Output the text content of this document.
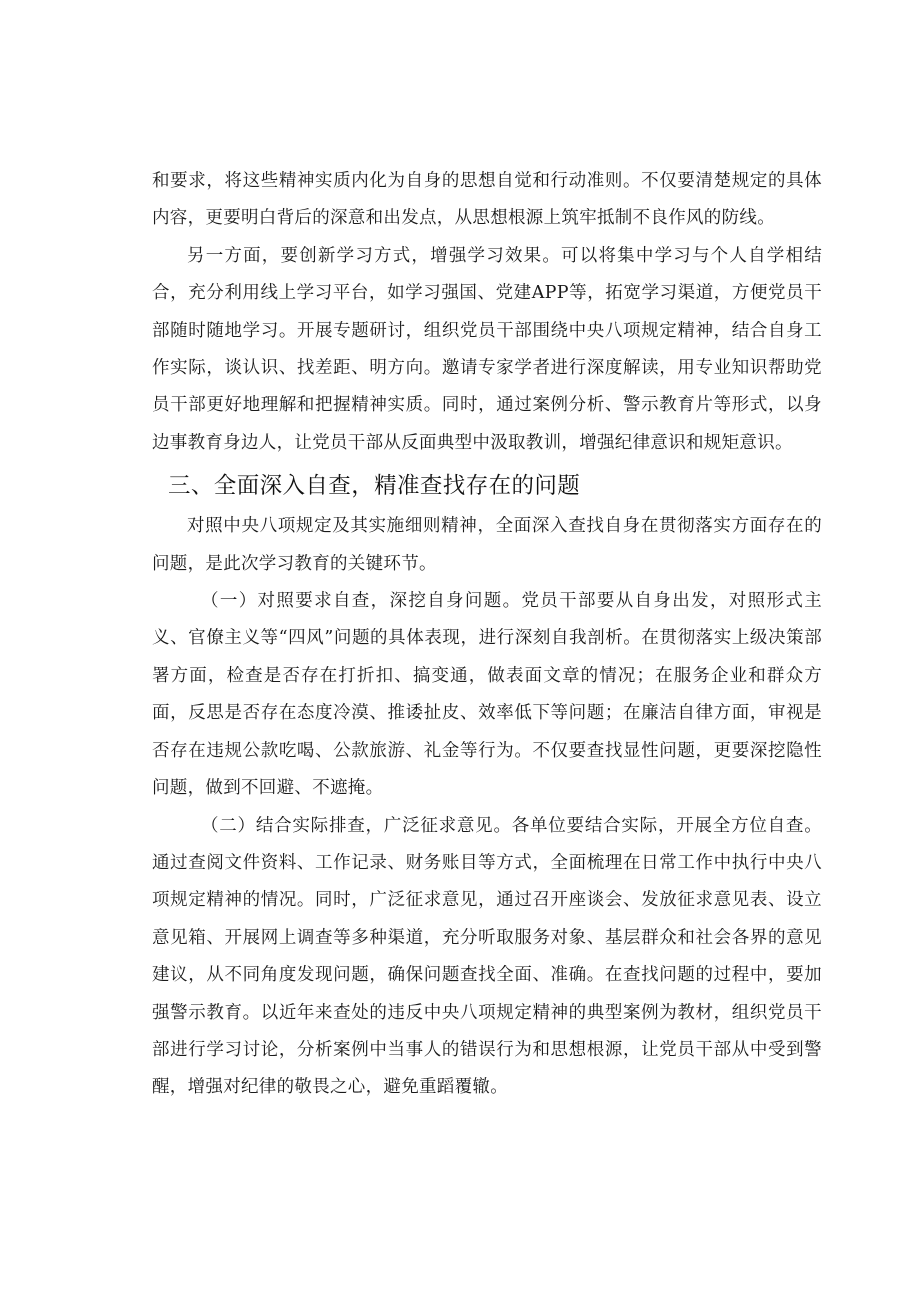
和要求，将这些精神实质内化为自身的思想自觉和行动准则。不仅要清楚规定的具体内容，更要明白背后的深意和出发点，从思想根源上筑牢抵制不良作风的防线。

另一方面，要创新学习方式，增强学习效果。可以将集中学习与个人自学相结合，充分利用线上学习平台，如学习强国、党建APP等，拓宽学习渠道，方便党员干部随时随地学习。开展专题研讨，组织党员干部围绕中央八项规定精神，结合自身工作实际，谈认识、找差距、明方向。邀请专家学者进行深度解读，用专业知识帮助党员干部更好地理解和把握精神实质。同时，通过案例分析、警示教育片等形式，以身边事教育身边人，让党员干部从反面典型中汲取教训，增强纪律意识和规矩意识。

三、全面深入自查，精准查找存在的问题

对照中央八项规定及其实施细则精神，全面深入查找自身在贯彻落实方面存在的问题，是此次学习教育的关键环节。

（一）对照要求自查，深挖自身问题。党员干部要从自身出发，对照形式主义、官僚主义等“四风”问题的具体表现，进行深刻自我剖析。在贯彻落实上级决策部署方面，检查是否存在打折扣、搞变通，做表面文章的情况；在服务企业和群众方面，反思是否存在态度冷漠、推诿扯皮、效率低下等问题；在廉洁自律方面，审视是否存在违规公款吃喝、公款旅游、礼金等行为。不仅要查找显性问题，更要深挖隐性问题，做到不回避、不遮掩。

（二）结合实际排查，广泛征求意见。各单位要结合实际，开展全方位自查。通过查阅文件资料、工作记录、财务账目等方式，全面梳理在日常工作中执行中央八项规定精神的情况。同时，广泛征求意见，通过召开座谈会、发放征求意见表、设立意见箱、开展网上调查等多种渠道，充分听取服务对象、基层群众和社会各界的意见建议，从不同角度发现问题，确保问题查找全面、准确。在查找问题的过程中，要加强警示教育。以近年来查处的违反中央八项规定精神的典型案例为教材，组织党员干部进行学习讨论，分析案例中当事人的错误行为和思想根源，让党员干部从中受到警醒，增强对纪律的敬畏之心，避免重蹈覆辙。
